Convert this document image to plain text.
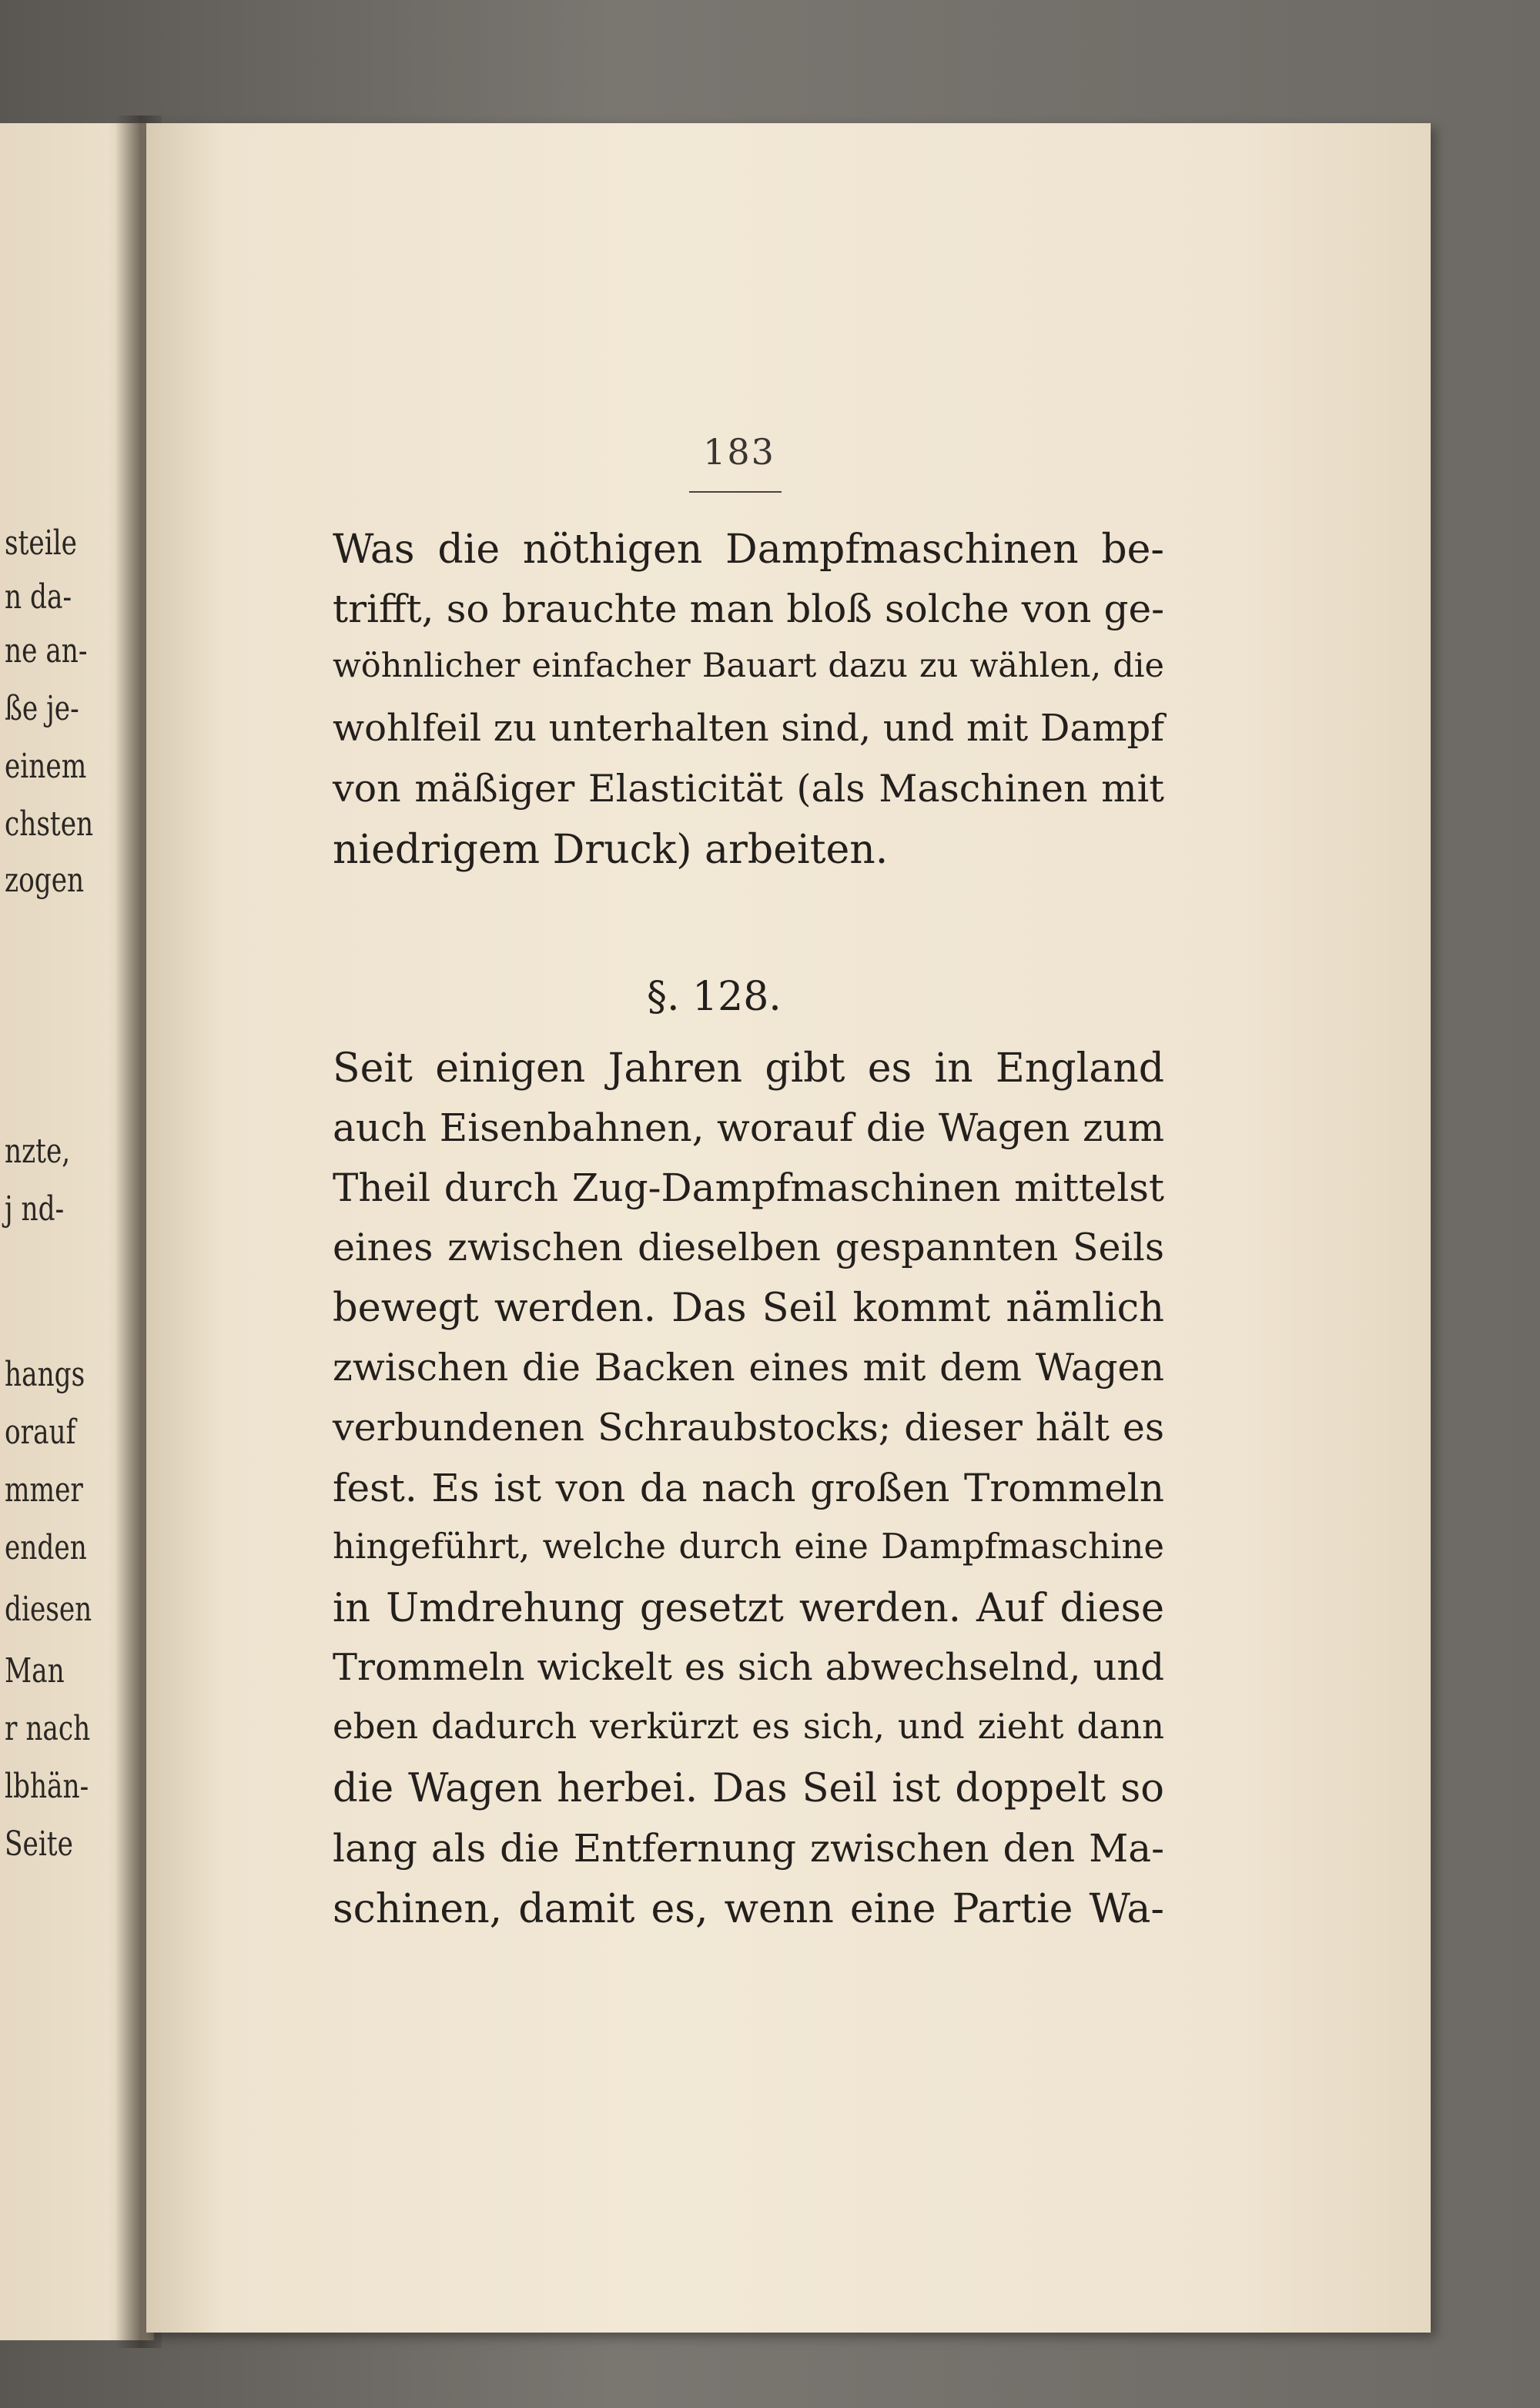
steile
n da-
ne an-
ße je-
einem
chsten
zogen
nzte,
j nd-
hangs
orauf
mmer
enden
diesen
Man
r nach
lbhän-
Seite
183
Was die nöthigen Dampfmaschinen be-
trifft, so brauchte man bloß solche von ge-
wöhnlicher einfacher Bauart dazu zu wählen, die
wohlfeil zu unterhalten sind, und mit Dampf
von mäßiger Elasticität (als Maschinen mit
niedrigem Druck) arbeiten.
§. 128.
Seit einigen Jahren gibt es in England
auch Eisenbahnen, worauf die Wagen zum
Theil durch Zug-Dampfmaschinen mittelst
eines zwischen dieselben gespannten Seils
bewegt werden. Das Seil kommt nämlich
zwischen die Backen eines mit dem Wagen
verbundenen Schraubstocks; dieser hält es
fest. Es ist von da nach großen Trommeln
hingeführt, welche durch eine Dampfmaschine
in Umdrehung gesetzt werden. Auf diese
Trommeln wickelt es sich abwechselnd, und
eben dadurch verkürzt es sich, und zieht dann
die Wagen herbei. Das Seil ist doppelt so
lang als die Entfernung zwischen den Ma-
schinen, damit es, wenn eine Partie Wa-
